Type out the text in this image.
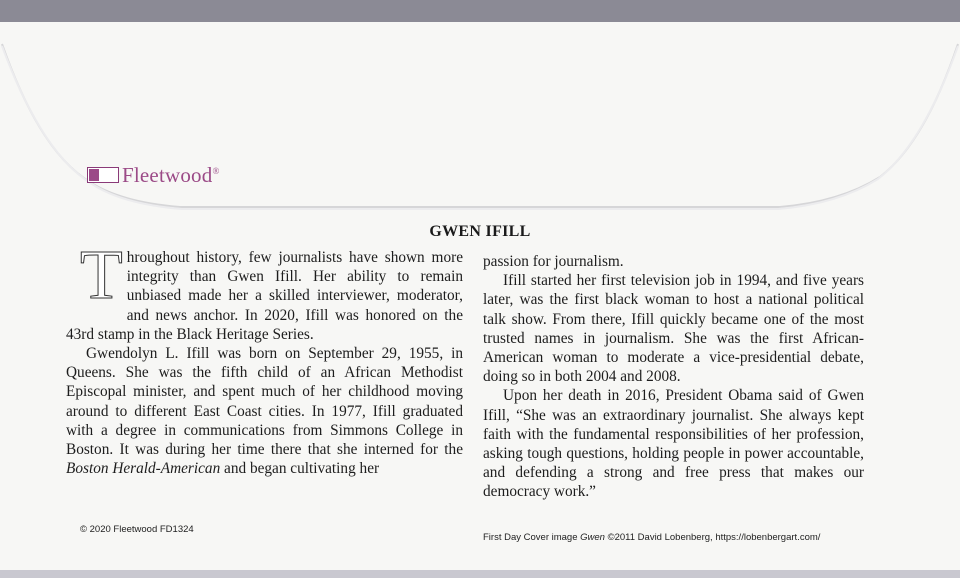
Fleetwood®
GWEN IFILL

Throughout history, few journalists have shown more integrity than Gwen Ifill. Her ability to remain unbiased made her a skilled interviewer, moderator, and news anchor. In 2020, Ifill was honored on the 43rd stamp in the Black Heritage Series.

Gwendolyn L. Ifill was born on September 29, 1955, in Queens. She was the fifth child of an African Methodist Episcopal minister, and spent much of her childhood moving around to different East Coast cities. In 1977, Ifill graduated with a degree in communications from Simmons College in Boston. It was during her time there that she interned for the Boston Herald-American and began cultivating her

passion for journalism.

Ifill started her first television job in 1994, and five years later, was the first black woman to host a national political talk show. From there, Ifill quickly became one of the most trusted names in journalism. She was the first African-American woman to moderate a vice-presidential debate, doing so in both 2004 and 2008.

Upon her death in 2016, President Obama said of Gwen Ifill, “She was an extraordinary journalist. She always kept faith with the fundamental responsibilities of her profession, asking tough questions, holding people in power accountable, and defending a strong and free press that makes our democracy work.”

© 2020 Fleetwood FD1324
First Day Cover image Gwen ©2011 David Lobenberg, https://lobenbergart.com/
